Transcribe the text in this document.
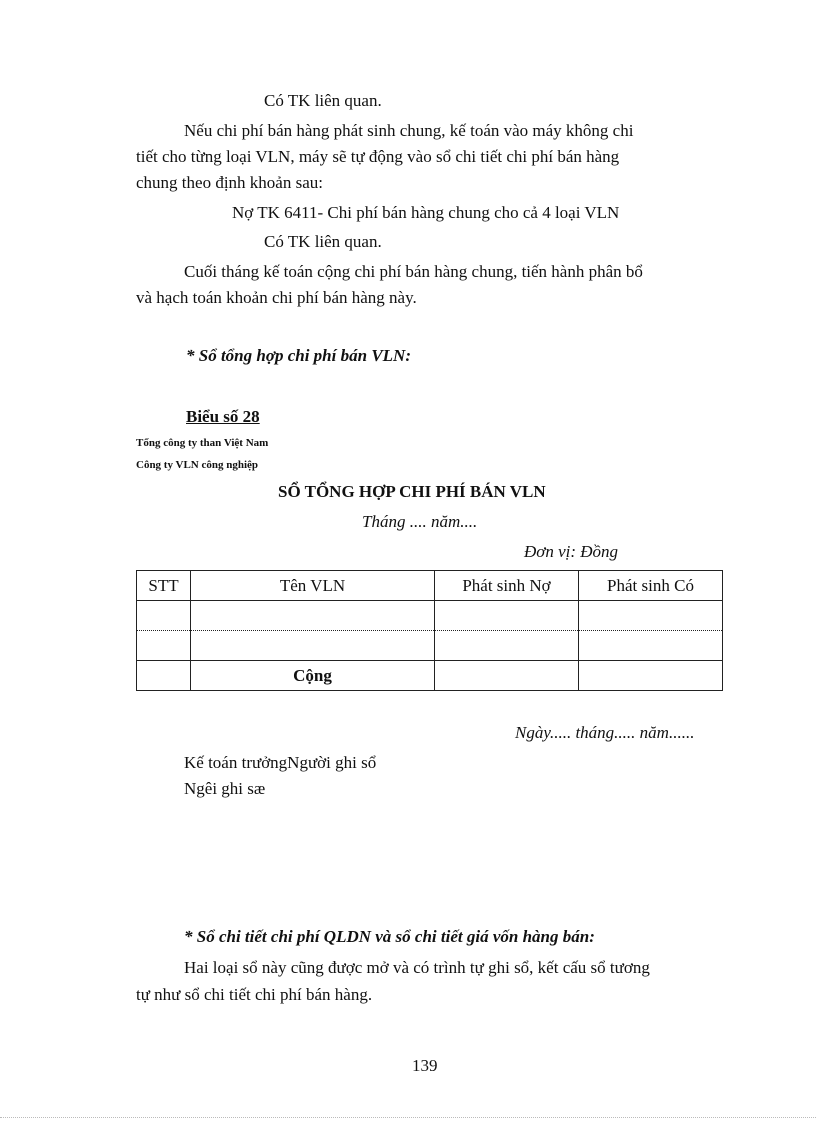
Có TK liên quan.
Nếu chi phí bán hàng phát sinh chung, kế toán vào máy không chi
tiết cho từng loại VLN, máy sẽ tự động vào sổ chi tiết chi phí bán hàng
chung theo định khoản sau:
Nợ TK 6411- Chi phí bán hàng chung cho cả 4 loại VLN
Có TK liên quan.
Cuối tháng kế toán cộng chi phí bán hàng chung, tiến hành phân bổ
và hạch toán khoản chi phí bán hàng này.
* Sổ tổng hợp chi phí bán VLN:
Biểu số 28
Tổng công ty than Việt Nam
Công ty VLN công nghiệp
SỔ TỔNG HỢP CHI PHÍ BÁN VLN
Tháng .... năm....
Đơn vị: Đồng
STT	Tên VLN	Phát sinh Nợ	Phát sinh Có

	Cộng		
Ngày..... tháng..... năm......
Kế toán trưởngNgười ghi sổ
Ngêi ghi sæ
* Sổ chi tiết chi phí QLDN và sổ chi tiết giá vốn hàng bán:
Hai loại sổ này cũng được mở và có trình tự ghi sổ, kết cấu sổ tương
tự như sổ chi tiết chi phí bán hàng.
139
